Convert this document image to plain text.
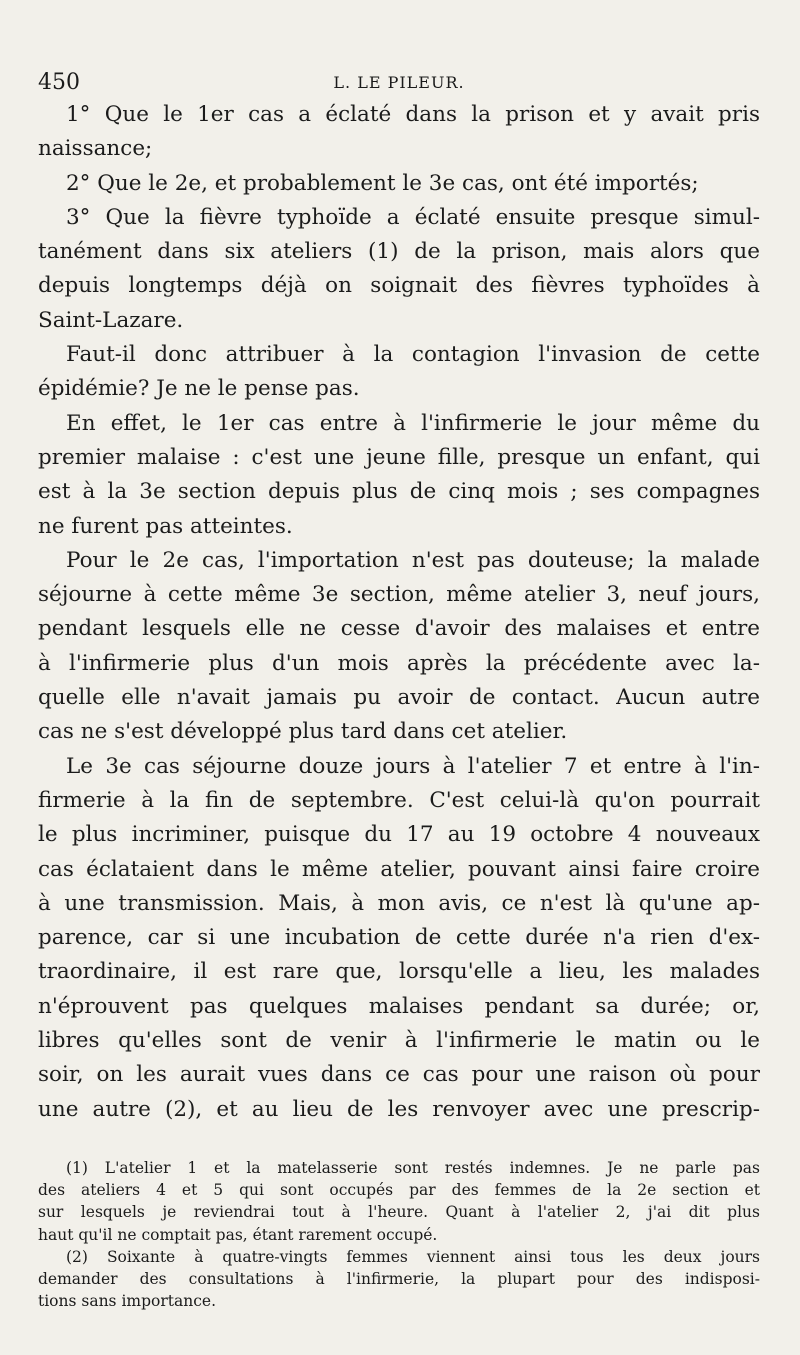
450	L. LE PILEUR.
1° Que le 1er cas a éclaté dans la prison et y avait pris
naissance;
2° Que le 2e, et probablement le 3e cas, ont été importés;
3° Que la fièvre typhoïde a éclaté ensuite presque simul-
tanément dans six ateliers (1) de la prison, mais alors que
depuis longtemps déjà on soignait des fièvres typhoïdes à
Saint-Lazare.
Faut-il donc attribuer à la contagion l'invasion de cette
épidémie? Je ne le pense pas.
En effet, le 1er cas entre à l'infirmerie le jour même du
premier malaise : c'est une jeune fille, presque un enfant, qui
est à la 3e section depuis plus de cinq mois ; ses compagnes
ne furent pas atteintes.
Pour le 2e cas, l'importation n'est pas douteuse; la malade
séjourne à cette même 3e section, même atelier 3, neuf jours,
pendant lesquels elle ne cesse d'avoir des malaises et entre
à l'infirmerie plus d'un mois après la précédente avec la-
quelle elle n'avait jamais pu avoir de contact. Aucun autre
cas ne s'est développé plus tard dans cet atelier.
Le 3e cas séjourne douze jours à l'atelier 7 et entre à l'in-
firmerie à la fin de septembre. C'est celui-là qu'on pourrait
le plus incriminer, puisque du 17 au 19 octobre 4 nouveaux
cas éclataient dans le même atelier, pouvant ainsi faire croire
à une transmission. Mais, à mon avis, ce n'est là qu'une ap-
parence, car si une incubation de cette durée n'a rien d'ex-
traordinaire, il est rare que, lorsqu'elle a lieu, les malades
n'éprouvent pas quelques malaises pendant sa durée; or,
libres qu'elles sont de venir à l'infirmerie le matin ou le
soir, on les aurait vues dans ce cas pour une raison où pour
une autre (2), et au lieu de les renvoyer avec une prescrip-
(1) L'atelier 1 et la matelasserie sont restés indemnes. Je ne parle pas
des ateliers 4 et 5 qui sont occupés par des femmes de la 2e section et
sur lesquels je reviendrai tout à l'heure. Quant à l'atelier 2, j'ai dit plus
haut qu'il ne comptait pas, étant rarement occupé.
(2) Soixante à quatre-vingts femmes viennent ainsi tous les deux jours
demander des consultations à l'infirmerie, la plupart pour des indisposi-
tions sans importance.
